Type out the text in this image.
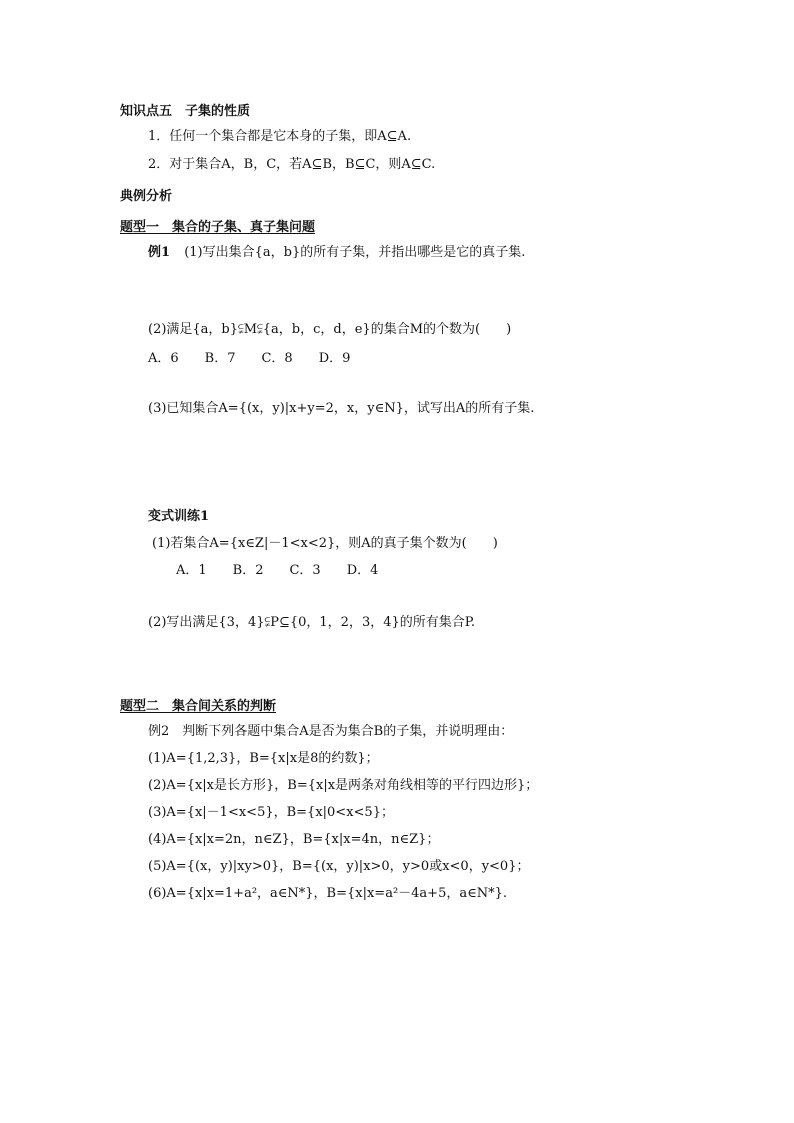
知识点五　子集的性质
1．任何一个集合都是它本身的子集，即A⊆A.
2．对于集合A，B，C，若A⊆B，B⊆C，则A⊆C.
典例分析
题型一　集合的子集、真子集问题
例1 (1)写出集合{a，b}的所有子集，并指出哪些是它的真子集.
(2)满足{a，b}⫋M⫋{a，b，c，d，e}的集合M的个数为(　　)
A．6　　B．7　　C．8　　D．9
(3)已知集合A={(x，y)|x+y=2，x，y∈N}，试写出A的所有子集.
变式训练1
(1)若集合A={x∈Z|－1<x<2}，则A的真子集个数为(　　)
A．1　　B．2　　C．3　　D．4
(2)写出满足{3，4}⫋P⊆{0，1，2，3，4}的所有集合P.
题型二　集合间关系的判断
例2　判断下列各题中集合A是否为集合B的子集，并说明理由：
(1)A={1,2,3}，B={x|x是8的约数}；
(2)A={x|x是长方形}，B={x|x是两条对角线相等的平行四边形}；
(3)A={x|－1<x<5}，B={x|0<x<5}；
(4)A={x|x=2n，n∈Z}，B={x|x=4n，n∈Z}；
(5)A={(x，y)|xy>0}，B={(x，y)|x>0，y>0或x<0，y<0}；
(6)A={x|x=1+a²，a∈N*}，B={x|x=a²－4a+5，a∈N*}.
